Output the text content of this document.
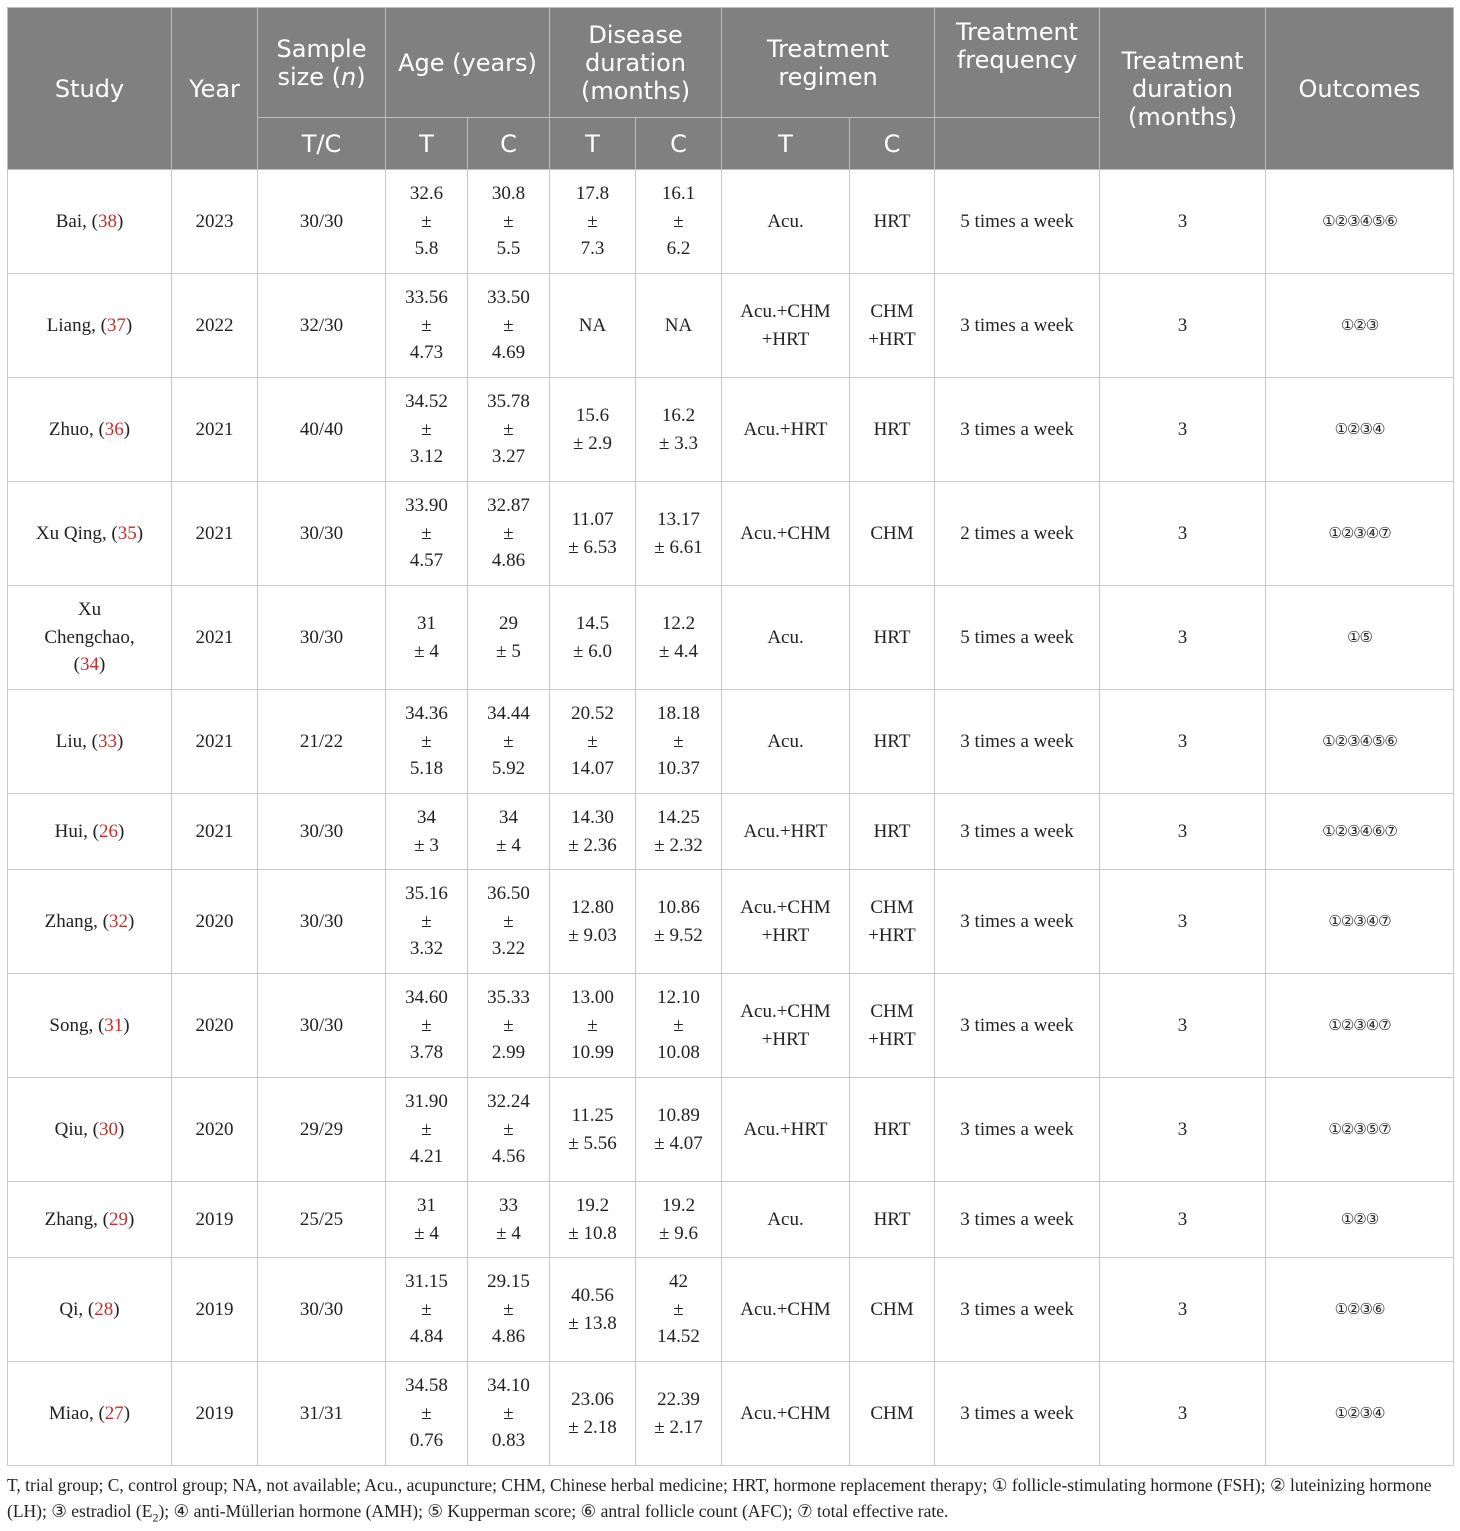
Study	Year	Sample size (n)	Age (years)		Disease duration (months)		Treatment regimen		Treatment frequency	Treatment duration (months)	Outcomes
		T/C	T	C	T	C	T	C			
Bai, (38)	2023	30/30	32.6
±
5.8	30.8
±
5.5	17.8
±
7.3	16.1
±
6.2	Acu.	HRT	5 times a week	3	①②③④⑤⑥
Liang, (37)	2022	32/30	33.56
±
4.73	33.50
±
4.69	NA	NA	Acu.+CHM
+HRT	CHM
+HRT	3 times a week	3	①②③
Zhuo, (36)	2021	40/40	34.52
±
3.12	35.78
±
3.27	15.6
± 2.9	16.2
± 3.3	Acu.+HRT	HRT	3 times a week	3	①②③④
Xu Qing, (35)	2021	30/30	33.90
±
4.57	32.87
±
4.86	11.07
± 6.53	13.17
± 6.61	Acu.+CHM	CHM	2 times a week	3	①②③④⑦

Xu
Chengchao,
(34)	2021	30/30	31
± 4	29
± 5	14.5
± 6.0	12.2
± 4.4	Acu.	HRT	5 times a week	3	①⑤
Liu, (33)	2021	21/22	34.36
±
5.18	34.44
±
5.92	20.52
±
14.07	18.18
±
10.37	Acu.	HRT	3 times a week	3	①②③④⑤⑥
Hui, (26)	2021	30/30	34
± 3	34
± 4	14.30
± 2.36	14.25
± 2.32	Acu.+HRT	HRT	3 times a week	3	①②③④⑥⑦
Zhang, (32)	2020	30/30	35.16
±
3.32	36.50
±
3.22	12.80
± 9.03	10.86
± 9.52	Acu.+CHM
+HRT	CHM
+HRT	3 times a week	3	①②③④⑦
Song, (31)	2020	30/30	34.60
±
3.78	35.33
±
2.99	13.00
±
10.99	12.10
±
10.08	Acu.+CHM
+HRT	CHM
+HRT	3 times a week	3	①②③④⑦
Qiu, (30)	2020	29/29	31.90
±
4.21	32.24
±
4.56	11.25
± 5.56	10.89
± 4.07	Acu.+HRT	HRT	3 times a week	3	①②③⑤⑦
Zhang, (29)	2019	25/25	31
± 4	33
± 4	19.2
± 10.8	19.2
± 9.6	Acu.	HRT	3 times a week	3	①②③
Qi, (28)	2019	30/30	31.15
±
4.84	29.15
±
4.86	40.56
± 13.8	42
±
14.52	Acu.+CHM	CHM	3 times a week	3	①②③⑥
Miao, (27)	2019	31/31	34.58
±
0.76	34.10
±
0.83	23.06
± 2.18	22.39
± 2.17	Acu.+CHM	CHM	3 times a week	3	①②③④
T, trial group; C, control group; NA, not available; Acu., acupuncture; CHM, Chinese herbal medicine; HRT, hormone replacement therapy; ① follicle-stimulating hormone (FSH); ② luteinizing hormone (LH); ③ estradiol $(E_2)$; ④ anti-Müllerian hormone (AMH); ⑤ Kupperman score; ⑥ antral follicle count (AFC); ⑦ total effective rate.
